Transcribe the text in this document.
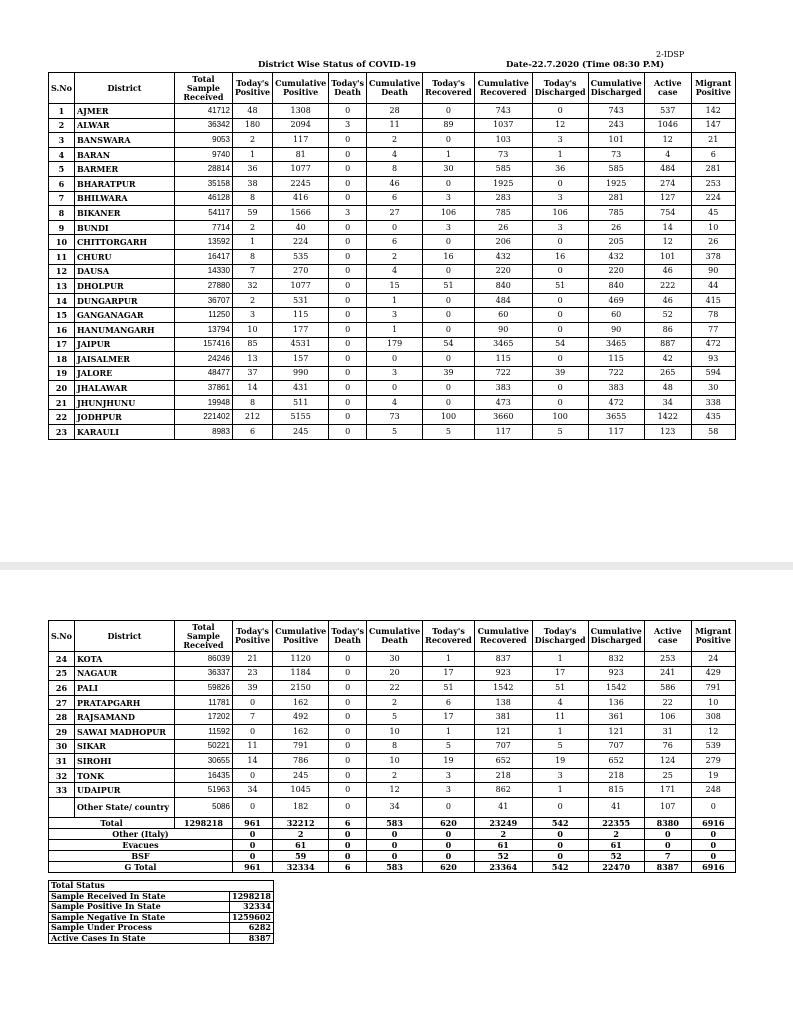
2-IDSP
District Wise Status of COVID-19	Date-22.7.2020 (Time 08:30 P.M)
S.No	District	Total Sample Received	Today's Positive	Cumulative Positive	Today's Death	Cumulative Death	Today's Recovered	Cumulative Recovered	Today's Discharged	Cumulative Discharged	Active case	Migrant Positive
1	AJMER	41712	48	1308	0	28	0	743	0	743	537	142
2	ALWAR	36342	180	2094	3	11	89	1037	12	243	1046	147
3	BANSWARA	9053	2	117	0	2	0	103	3	101	12	21
4	BARAN	9740	1	81	0	4	1	73	1	73	4	6
5	BARMER	28814	36	1077	0	8	30	585	36	585	484	281
6	BHARATPUR	35158	38	2245	0	46	0	1925	0	1925	274	253
7	BHILWARA	46128	8	416	0	6	3	283	3	281	127	224
8	BIKANER	54117	59	1566	3	27	106	785	106	785	754	45
9	BUNDI	7714	2	40	0	0	3	26	3	26	14	10
10	CHITTORGARH	13592	1	224	0	6	0	206	0	205	12	26
11	CHURU	16417	8	535	0	2	16	432	16	432	101	378
12	DAUSA	14330	7	270	0	4	0	220	0	220	46	90
13	DHOLPUR	27880	32	1077	0	15	51	840	51	840	222	44
14	DUNGARPUR	36707	2	531	0	1	0	484	0	469	46	415
15	GANGANAGAR	11250	3	115	0	3	0	60	0	60	52	78
16	HANUMANGARH	13794	10	177	0	1	0	90	0	90	86	77
17	JAIPUR	157416	85	4531	0	179	54	3465	54	3465	887	472
18	JAISALMER	24246	13	157	0	0	0	115	0	115	42	93
19	JALORE	48477	37	990	0	3	39	722	39	722	265	594
20	JHALAWAR	37861	14	431	0	0	0	383	0	383	48	30
21	JHUNJHUNU	19948	8	511	0	4	0	473	0	472	34	338
22	JODHPUR	221402	212	5155	0	73	100	3660	100	3655	1422	435
23	KARAULI	8983	6	245	0	5	5	117	5	117	123	58
S.No	District	Total Sample Received	Today's Positive	Cumulative Positive	Today's Death	Cumulative Death	Today's Recovered	Cumulative Recovered	Today's Discharged	Cumulative Discharged	Active case	Migrant Positive
24	KOTA	86039	21	1120	0	30	1	837	1	832	253	24
25	NAGAUR	36337	23	1184	0	20	17	923	17	923	241	429
26	PALI	59826	39	2150	0	22	51	1542	51	1542	586	791
27	PRATAPGARH	11781	0	162	0	2	6	138	4	136	22	10
28	RAJSAMAND	17202	7	492	0	5	17	381	11	361	106	308
29	SAWAI MADHOPUR	11592	0	162	0	10	1	121	1	121	31	12
30	SIKAR	50221	11	791	0	8	5	707	5	707	76	539
31	SIROHI	30655	14	786	0	10	19	652	19	652	124	279
32	TONK	16435	0	245	0	2	3	218	3	218	25	19
33	UDAIPUR	51963	34	1045	0	12	3	862	1	815	171	248
	Other State/ country	5086	0	182	0	34	0	41	0	41	107	0
Total		1298218	961	32212	6	583	620	23249	542	22355	8380	6916
Other (Italy)			0	2	0	0	0	2	0	2	0	0
Evacues			0	61	0	0	0	61	0	61	0	0
BSF			0	59	0	0	0	52	0	52	7	0
G Total			961	32334	6	583	620	23364	542	22470	8387	6916
Total Status	
Sample Received In State	1298218
Sample Positive In State	32334
Sample Negative In State	1259602
Sample Under Process	6282
Active Cases In State	8387
